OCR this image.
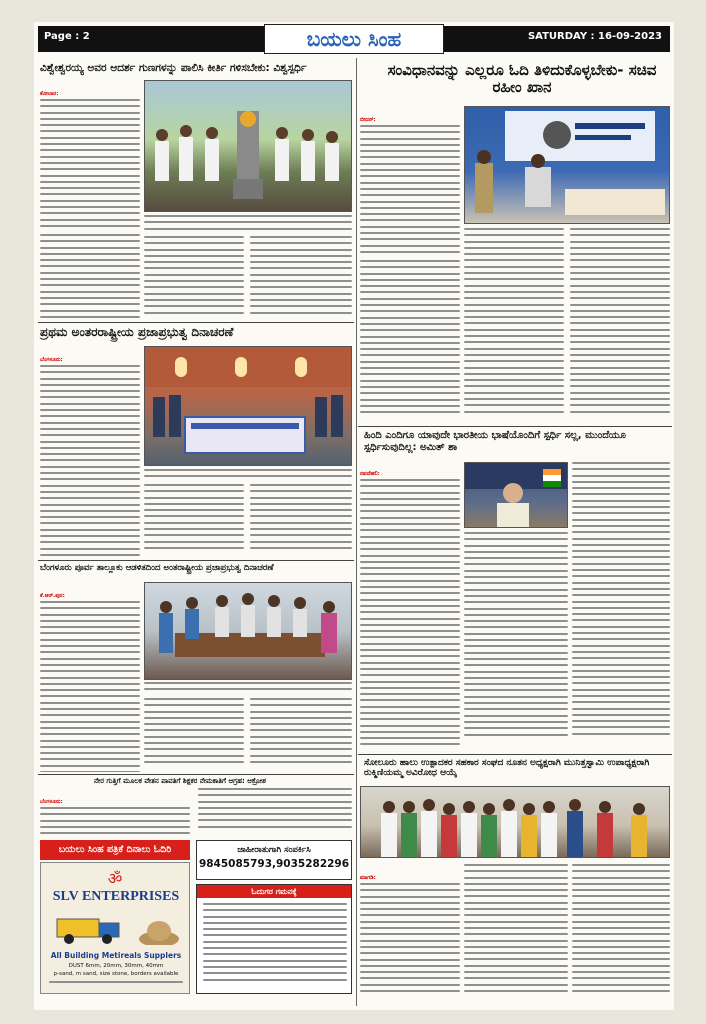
Page : 2	ಬಯಲು ಸಿಂಹ	SATURDAY : 16-09-2023
ವಿಶ್ವೇಶ್ವರಯ್ಯ ಅವರ ಆದರ್ಶ ಗುಣಗಳನ್ನು ಪಾಲಿಸಿ ಕೀರ್ತಿ ಗಳಿಸಬೇಕು: ವಿಶ್ವಸ್ಪರ್ಧಿ
ಕೋಲಾರ:
ಪ್ರಥಮ ಅಂತರರಾಷ್ಟ್ರೀಯ ಪ್ರಜಾಪ್ರಭುತ್ವ ದಿನಾಚರಣೆ
ಬೆಂಗಳೂರು:
ಬೆಂಗಳೂರು ಪೂರ್ವ ತಾಲ್ಲೂಕು ಆಡಳಿತದಿಂದ ಅಂತರಾಷ್ಟ್ರೀಯ ಪ್ರಜಾಪ್ರಭುತ್ವ ದಿನಾಚರಣೆ
ಕೆ.ಆರ್.ಪುರ:
ನೇರ ಗುತ್ತಿಗೆ ಮೂಲಕ ವೇತನ ಪಾವತಿಗೆ ಶಿಕ್ಷಕರ ನೇಮಕಾತಿಗೆ ಆಗ್ರಹ: ಆಕ್ರೋಶ
ಬೆಂಗಳೂರು:
ಬಯಲು ಸಿಂಹ ಪತ್ರಿಕೆ ದಿನಾಲು ಓದಿರಿ
ॐ
SLV ENTERPRISES
All Building Metireals Supplers
DUST 6mm, 20mm, 30mm, 40mm
p-sand, m sand, size stone, borders available
ಜಾಹೀರಾತುಗಾಗಿ ಸಂಪರ್ಕಿಸಿ
9845085793,9035282296
ಓದುಗರ ಗಮನಕ್ಕೆ
ಸಂವಿಧಾನವನ್ನು ಎಲ್ಲರೂ ಓದಿ ತಿಳಿದುಕೊಳ್ಳಬೇಕು- ಸಚಿವ ರಹೀಂ ಖಾನ
ಬೀದರ್:
ಹಿಂದಿ ಎಂದಿಗೂ ಯಾವುದೇ ಭಾರತೀಯ ಭಾಷೆಯೊಂದಿಗೆ ಸ್ಪರ್ಧಿ ಸಲ್ಲ, ಮುಂದೆಯೂ ಸ್ಪರ್ಧಿಸುವುದಿಲ್ಲ: ಅಮಿತ್ ಶಾ
ನವದೆಹಲಿ:
ಸೋಲೂರು ಹಾಲು ಉತ್ಪಾದಕರ ಸಹಕಾರ ಸಂಘದ ನೂತನ ಅಧ್ಯಕ್ಷರಾಗಿ ಮುನಿತ್ತಸ್ವಾಮಿ ಉಪಾಧ್ಯಕ್ಷರಾಗಿ ರುಕ್ಮಿಣಿಯಮ್ಮ ಅವಿರೋಧ ಆಯ್ಕೆ
ಮಾಗಡಿ:
